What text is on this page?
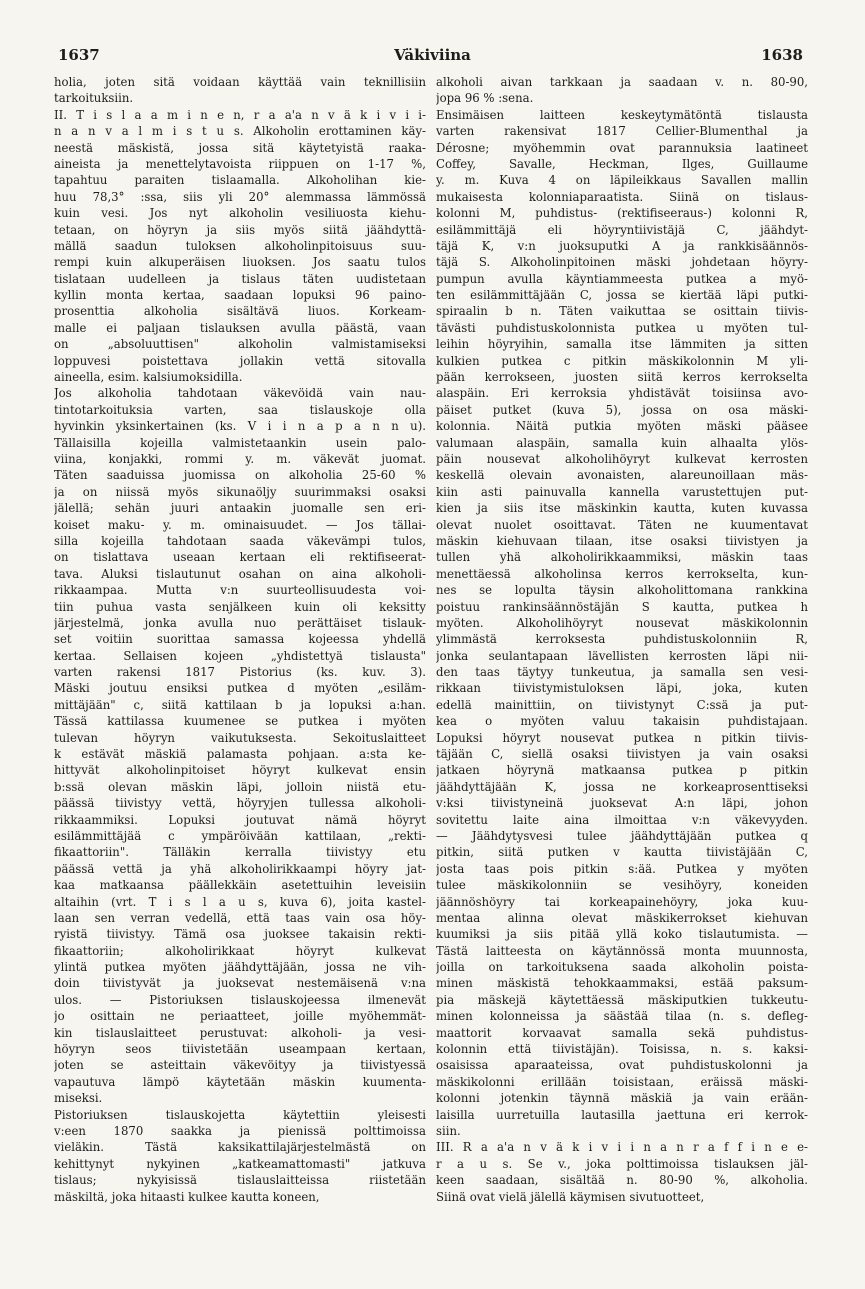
1637	Väkiviina	1638
holia, joten sitä voidaan käyttää vain teknillisiin
tarkoituksiin.
II. T i s l a a m i n e n, r a a'a n v ä k i v i i-
n a n v a l m i s t u s. Alkoholin erottaminen käy-
neestä mäskistä, jossa sitä käytetyistä raaka-
aineista ja menettelytavoista riippuen on 1-17 %,
tapahtuu paraiten tislaamalla. Alkoholihan kie-
huu 78,3° :ssa, siis yli 20° alemmassa lämmössä
kuin vesi. Jos nyt alkoholin vesiliuosta kiehu-
tetaan, on höyryn ja siis myös siitä jäähdyttä-
mällä saadun tuloksen alkoholinpitoisuus suu-
rempi kuin alkuperäisen liuoksen. Jos saatu tulos
tislataan uudelleen ja tislaus täten uudistetaan
kyllin monta kertaa, saadaan lopuksi 96 paino-
prosenttia alkoholia sisältävä liuos. Korkeam-
malle ei paljaan tislauksen avulla päästä, vaan
on „absoluuttisen" alkoholin valmistamiseksi
loppuvesi poistettava jollakin vettä sitovalla
aineella, esim. kalsiumoksidilla.
Jos alkoholia tahdotaan väkevöidä vain nau-
tintotarkoituksia varten, saa tislauskoje olla
hyvinkin yksinkertainen (ks. V i i n a p a n n u).
Tällaisilla kojeilla valmistetaankin usein palo-
viina, konjakki, rommi y. m. väkevät juomat.
Täten saaduissa juomissa on alkoholia 25-60 %
ja on niissä myös sikunaöljy suurimmaksi osaksi
jälellä; sehän juuri antaakin juomalle sen eri-
koiset maku- y. m. ominaisuudet. — Jos tällai-
silla kojeilla tahdotaan saada väkevämpi tulos,
on tislattava useaan kertaan eli rektifiseerat-
tava. Aluksi tislautunut osahan on aina alkoholi-
rikkaampaa. Mutta v:n suurteollisuudesta voi-
tiin puhua vasta senjälkeen kuin oli keksitty
järjestelmä, jonka avulla nuo perättäiset tislauk-
set voitiin suorittaa samassa kojeessa yhdellä
kertaa. Sellaisen kojeen „yhdistettyä tislausta"
varten rakensi 1817 Pistorius (ks. kuv. 3).
Mäski joutuu ensiksi putkea d myöten „esiläm-
mittäjään" c, siitä kattilaan b ja lopuksi a:han.
Tässä kattilassa kuumenee se putkea i myöten
tulevan höyryn vaikutuksesta. Sekoituslaitteet
k estävät mäskiä palamasta pohjaan. a:sta ke-
hittyvät alkoholinpitoiset höyryt kulkevat ensin
b:ssä olevan mäskin läpi, jolloin niistä etu-
päässä tiivistyy vettä, höyryjen tullessa alkoholi-
rikkaammiksi. Lopuksi joutuvat nämä höyryt
esilämmittäjää c ympäröivään kattilaan, „rekti-
fikaattoriin". Tälläkin kerralla tiivistyy etu
päässä vettä ja yhä alkoholirikkaampi höyry jat-
kaa matkaansa päällekkäin asetettuihin leveisiin
altaihin (vrt. T i s l a u s, kuva 6), joita kastel-
laan sen verran vedellä, että taas vain osa höy-
ryistä tiivistyy. Tämä osa juoksee takaisin rekti-
fikaattoriin; alkoholirikkaat höyryt kulkevat
ylintä putkea myöten jäähdyttäjään, jossa ne vih-
doin tiivistyvät ja juoksevat nestemäisenä v:na
ulos. — Pistoriuksen tislauskojeessa ilmenevät
jo osittain ne periaatteet, joille myöhemmät-
kin tislauslaitteet perustuvat: alkoholi- ja vesi-
höyryn seos tiivistetään useampaan kertaan,
joten se asteittain väkevöityy ja tiivistyessä
vapautuva lämpö käytetään mäskin kuumenta-
miseksi.
Pistoriuksen tislauskojetta käytettiin yleisesti
v:een 1870 saakka ja pienissä polttimoissa
vieläkin. Tästä kaksikattilajärjestelmästä on
kehittynyt nykyinen „katkeamattomasti" jatkuva
tislaus; nykyisissä tislauslaitteissa riistetään
mäskiltä, joka hitaasti kulkee kautta koneen,
alkoholi aivan tarkkaan ja saadaan v. n. 80-90,
jopa 96 % :sena.
Ensimäisen laitteen keskeytymätöntä tislausta
varten rakensivat 1817 Cellier-Blumenthal ja
Dérosne; myöhemmin ovat parannuksia laatineet
Coffey, Savalle, Heckman, Ilges, Guillaume
y. m. Kuva 4 on läpileikkaus Savallen mallin
mukaisesta kolonniaparaatista. Siinä on tislaus-
kolonni M, puhdistus- (rektifiseeraus-) kolonni R,
esilämmittäjä eli höyryntiivistäjä C, jäähdyt-
täjä K, v:n juoksuputki A ja rankkisäännös-
täjä S. Alkoholinpitoinen mäski johdetaan höyry-
pumpun avulla käyntiammeesta putkea a myö-
ten esilämmittäjään C, jossa se kiertää läpi putki-
spiraalin b n. Täten vaikuttaa se osittain tiivis-
tävästi puhdistuskolonnista putkea u myöten tul-
leihin höyryihin, samalla itse lämmiten ja sitten
kulkien putkea c pitkin mäskikolonnin M yli-
pään kerrokseen, juosten siitä kerros kerrokselta
alaspäin. Eri kerroksia yhdistävät toisiinsa avo-
päiset putket (kuva 5), jossa on osa mäski-
kolonnia. Näitä putkia myöten mäski pääsee
valumaan alaspäin, samalla kuin alhaalta ylös-
päin nousevat alkoholihöyryt kulkevat kerrosten
keskellä olevain avonaisten, alareunoillaan mäs-
kiin asti painuvalla kannella varustettujen put-
kien ja siis itse mäskinkin kautta, kuten kuvassa
olevat nuolet osoittavat. Täten ne kuumentavat
mäskin kiehuvaan tilaan, itse osaksi tiivistyen ja
tullen yhä alkoholirikkaammiksi, mäskin taas
menettäessä alkoholinsa kerros kerrokselta, kun-
nes se lopulta täysin alkoholittomana rankkina
poistuu rankinsäännöstäjän S kautta, putkea h
myöten. Alkoholihöyryt nousevat mäskikolonnin
ylimmästä kerroksesta puhdistuskolonniin R,
jonka seulantapaan lävellisten kerrosten läpi nii-
den taas täytyy tunkeutua, ja samalla sen vesi-
rikkaan tiivistymistuloksen läpi, joka, kuten
edellä mainittiin, on tiivistynyt C:ssä ja put-
kea o myöten valuu takaisin puhdistajaan.
Lopuksi höyryt nousevat putkea n pitkin tiivis-
täjään C, siellä osaksi tiivistyen ja vain osaksi
jatkaen höyrynä matkaansa putkea p pitkin
jäähdyttäjään K, jossa ne korkeaprosenttiseksi
v:ksi tiivistyneinä juoksevat A:n läpi, johon
sovitettu laite aina ilmoittaa v:n väkevyyden.
— Jäähdytysvesi tulee jäähdyttäjään putkea q
pitkin, siitä putken v kautta tiivistäjään C,
josta taas pois pitkin s:ää. Putkea y myöten
tulee mäskikolonniin se vesihöyry, koneiden
jäännöshöyry tai korkeapainehöyry, joka kuu-
mentaa alinna olevat mäskikerrokset kiehuvan
kuumiksi ja siis pitää yllä koko tislautumista. —
Tästä laitteesta on käytännössä monta muunnosta,
joilla on tarkoituksena saada alkoholin poista-
minen mäskistä tehokkaammaksi, estää paksum-
pia mäskejä käytettäessä mäskiputkien tukkeutu-
minen kolonneissa ja säästää tilaa (n. s. defleg-
maattorit korvaavat samalla sekä puhdistus-
kolonnin että tiivistäjän). Toisissa, n. s. kaksi-
osaisissa aparaateissa, ovat puhdistuskolonni ja
mäskikolonni erillään toisistaan, eräissä mäski-
kolonni jotenkin täynnä mäskiä ja vain erään-
laisilla uurretuilla lautasilla jaettuna eri kerrok-
siin.
III. R a a'a n v ä k i v i i n a n r a f f i n e e-
r a u s. Se v., joka polttimoissa tislauksen jäl-
keen saadaan, sisältää n. 80-90 %, alkoholia.
Siinä ovat vielä jälellä käymisen sivutuotteet,
